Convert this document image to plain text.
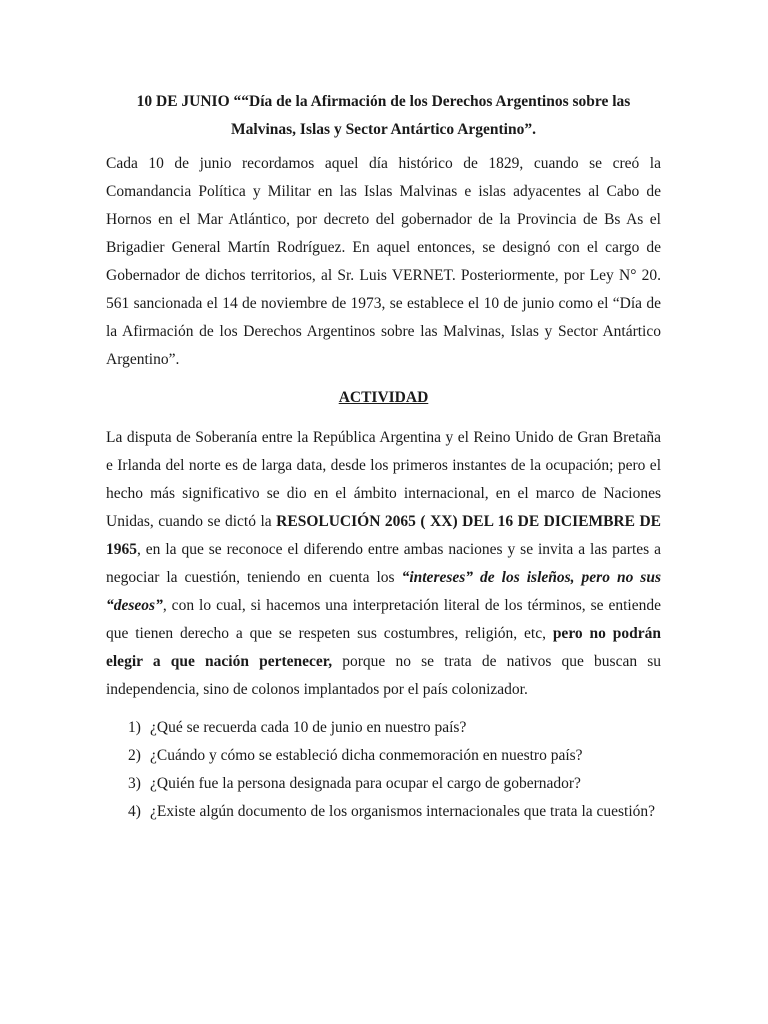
10 DE JUNIO ““Día de la Afirmación de los Derechos Argentinos sobre las
Malvinas, Islas y Sector Antártico Argentino”.

Cada 10 de junio recordamos aquel día histórico de 1829, cuando se creó la Comandancia Política y Militar en las Islas Malvinas e islas adyacentes al Cabo de Hornos en el Mar Atlántico, por decreto del gobernador de la Provincia de Bs As el Brigadier General Martín Rodríguez. En aquel entonces, se designó con el cargo de Gobernador de dichos territorios, al Sr. Luis VERNET. Posteriormente, por Ley N° 20. 561 sancionada el 14 de noviembre de 1973, se establece el 10 de junio como el “Día de la Afirmación de los Derechos Argentinos sobre las Malvinas, Islas y Sector Antártico Argentino”.

ACTIVIDAD

La disputa de Soberanía entre la República Argentina y el Reino Unido de Gran Bretaña e Irlanda del norte es de larga data, desde los primeros instantes de la ocupación; pero el hecho más significativo se dio en el ámbito internacional, en el marco de Naciones Unidas, cuando se dictó la RESOLUCIÓN 2065 ( XX) DEL 16 DE DICIEMBRE DE 1965, en la que se reconoce el diferendo entre ambas naciones y se invita a las partes a negociar la cuestión, teniendo en cuenta los “intereses” de los isleños, pero no sus “deseos”, con lo cual, si hacemos una interpretación literal de los términos, se entiende que tienen derecho a que se respeten sus costumbres, religión, etc, pero no podrán elegir a que nación pertenecer, porque no se trata de nativos que buscan su independencia, sino de colonos implantados por el país colonizador.

1) ¿Qué se recuerda cada 10 de junio en nuestro país?
2) ¿Cuándo y cómo se estableció dicha conmemoración en nuestro país?
3) ¿Quién fue la persona designada para ocupar el cargo de gobernador?
4) ¿Existe algún documento de los organismos internacionales que trata la cuestión?
